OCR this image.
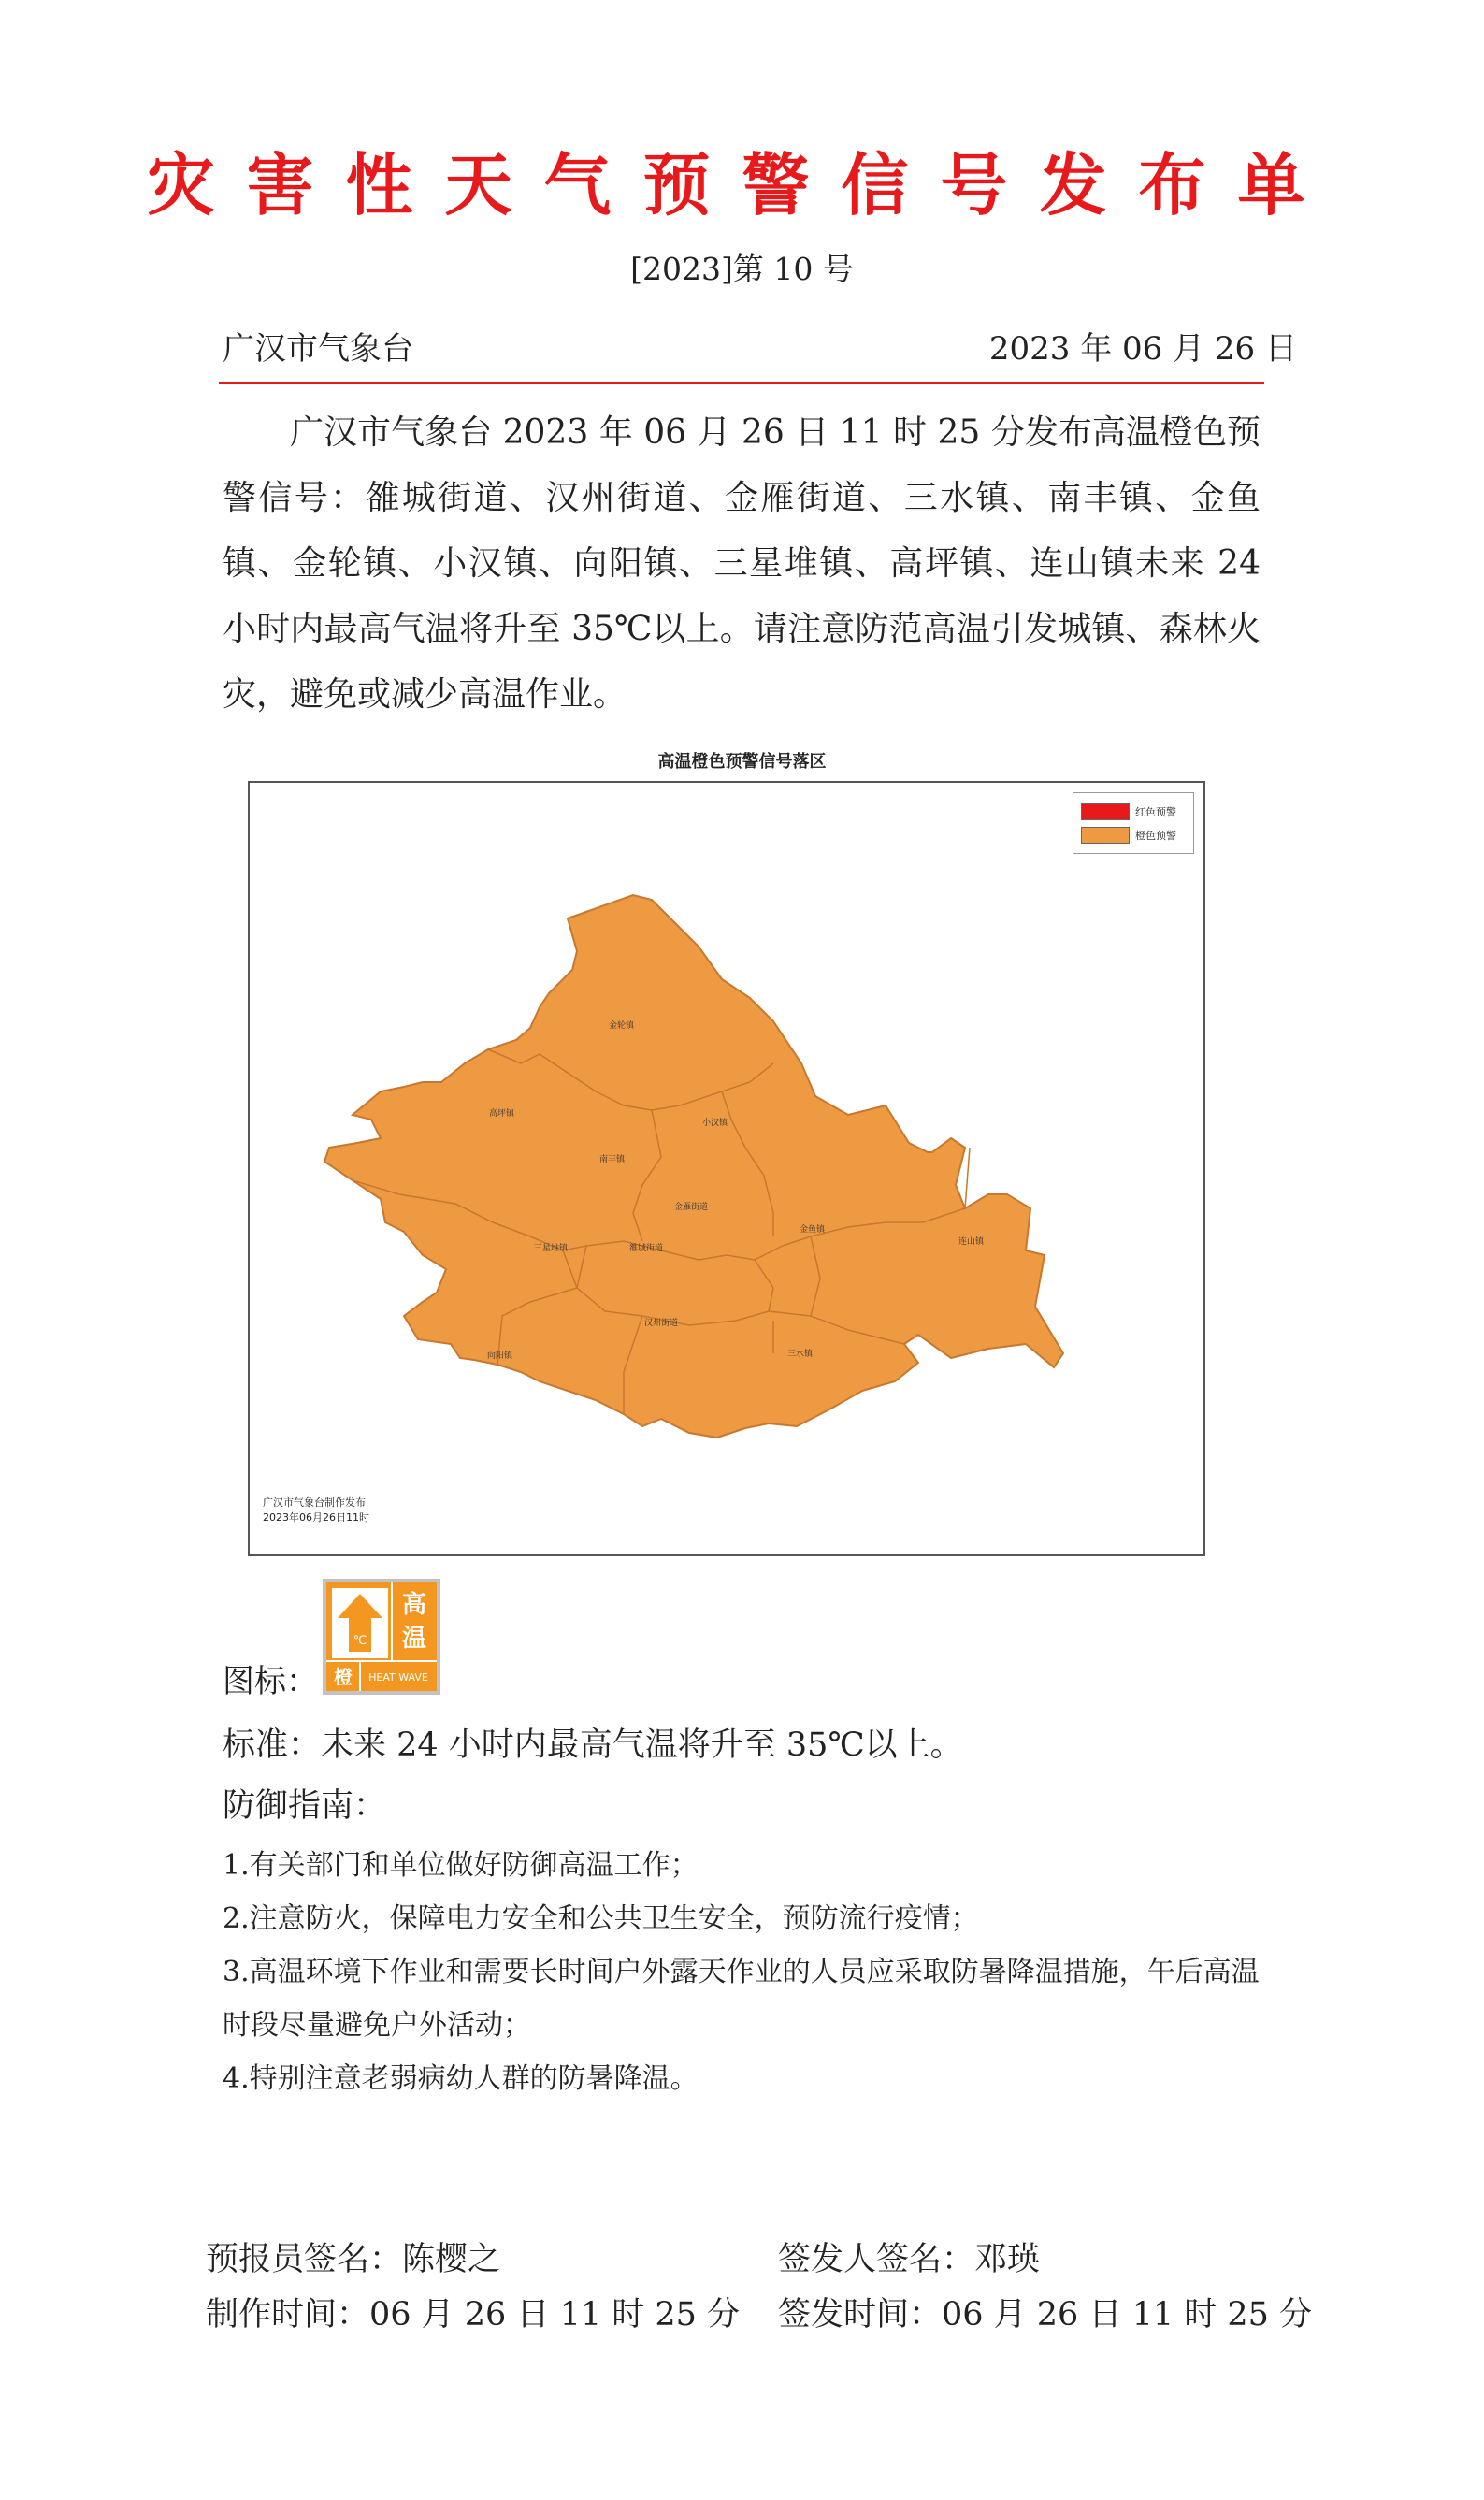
灾害性天气预警信号发布单
[2023]第 10 号
广汉市气象台	2023 年 06 月 26 日

广汉市气象台 2023 年 06 月 26 日 11 时 25 分发布高温橙色预警信号：雒城街道、汉州街道、金雁街道、三水镇、南丰镇、金鱼镇、金轮镇、小汉镇、向阳镇、三星堆镇、高坪镇、连山镇未来 24 小时内最高气温将升至 35℃以上。请注意防范高温引发城镇、森林火灾，避免或减少高温作业。

高温橙色预警信号落区
金轮镇
高坪镇
小汉镇
南丰镇
金雁街道
三星堆镇	雒城街道
金鱼镇
连山镇
汉州街道
向阳镇	三水镇
红色预警
橙色预警
广汉市气象台制作发布
2023年06月26日11时
图标：
℃
高
温
橙 HEAT WAVE
标准：未来 24 小时内最高气温将升至 35℃以上。
防御指南：
1.有关部门和单位做好防御高温工作；
2.注意防火，保障电力安全和公共卫生安全，预防流行疫情；
3.高温环境下作业和需要长时间户外露天作业的人员应采取防暑降温措施，午后高温时段尽量避免户外活动；
4.特别注意老弱病幼人群的防暑降温。
预报员签名：陈樱之	签发人签名：邓瑛
制作时间：06 月 26 日 11 时 25 分 签发时间：06 月 26 日 11 时 25 分
